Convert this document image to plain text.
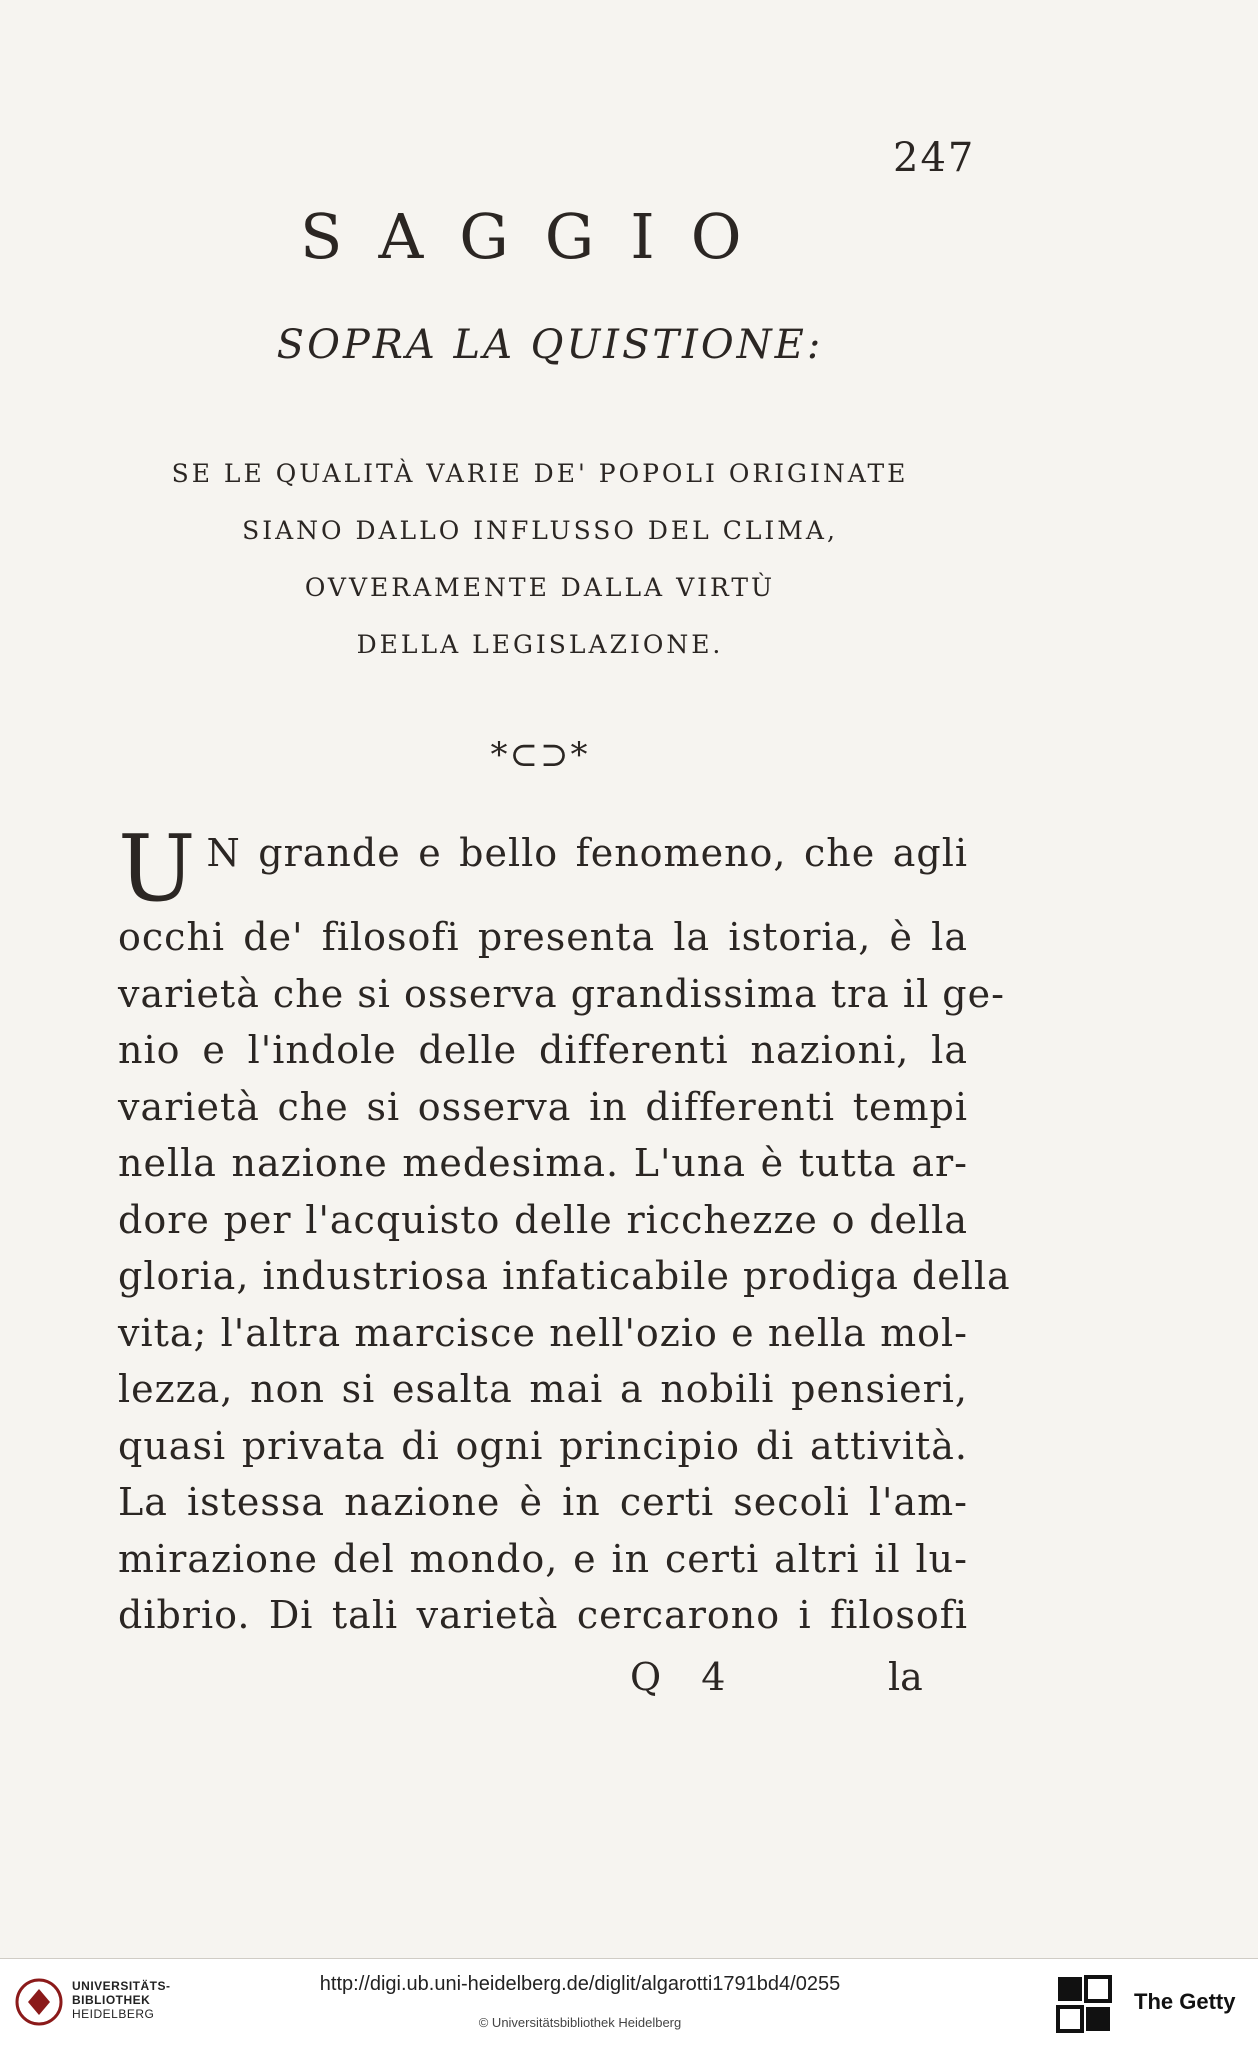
247
SAGGIO
SOPRA LA QUISTIONE:
SE LE QUALITÀ VARIE DE' POPOLI ORIGINATE
SIANO DALLO INFLUSSO DEL CLIMA,
OVVERAMENTE DALLA VIRTÙ
DELLA LEGISLAZIONE.
*⊂⊃*
U N grande e bello fenomeno, che agli
occhi de' filosofi presenta la istoria, è la
varietà che si osserva grandissima tra il ge-
nio e l'indole delle differenti nazioni, la
varietà che si osserva in differenti tempi
nella nazione medesima. L'una è tutta ar-
dore per l'acquisto delle ricchezze o della
gloria, industriosa infaticabile prodiga della
vita; l'altra marcisce nell'ozio e nella mol-
lezza, non si esalta mai a nobili pensieri,
quasi privata di ogni principio di attività.
La istessa nazione è in certi secoli l'am-
mirazione del mondo, e in certi altri il lu-
dibrio. Di tali varietà cercarono i filosofi
Q 4	la
UNIVERSITÄTS-
BIBLIOTHEK
HEIDELBERG
http://digi.ub.uni-heidelberg.de/diglit/algarotti1791bd4/0255
© Universitätsbibliothek Heidelberg
The Getty
